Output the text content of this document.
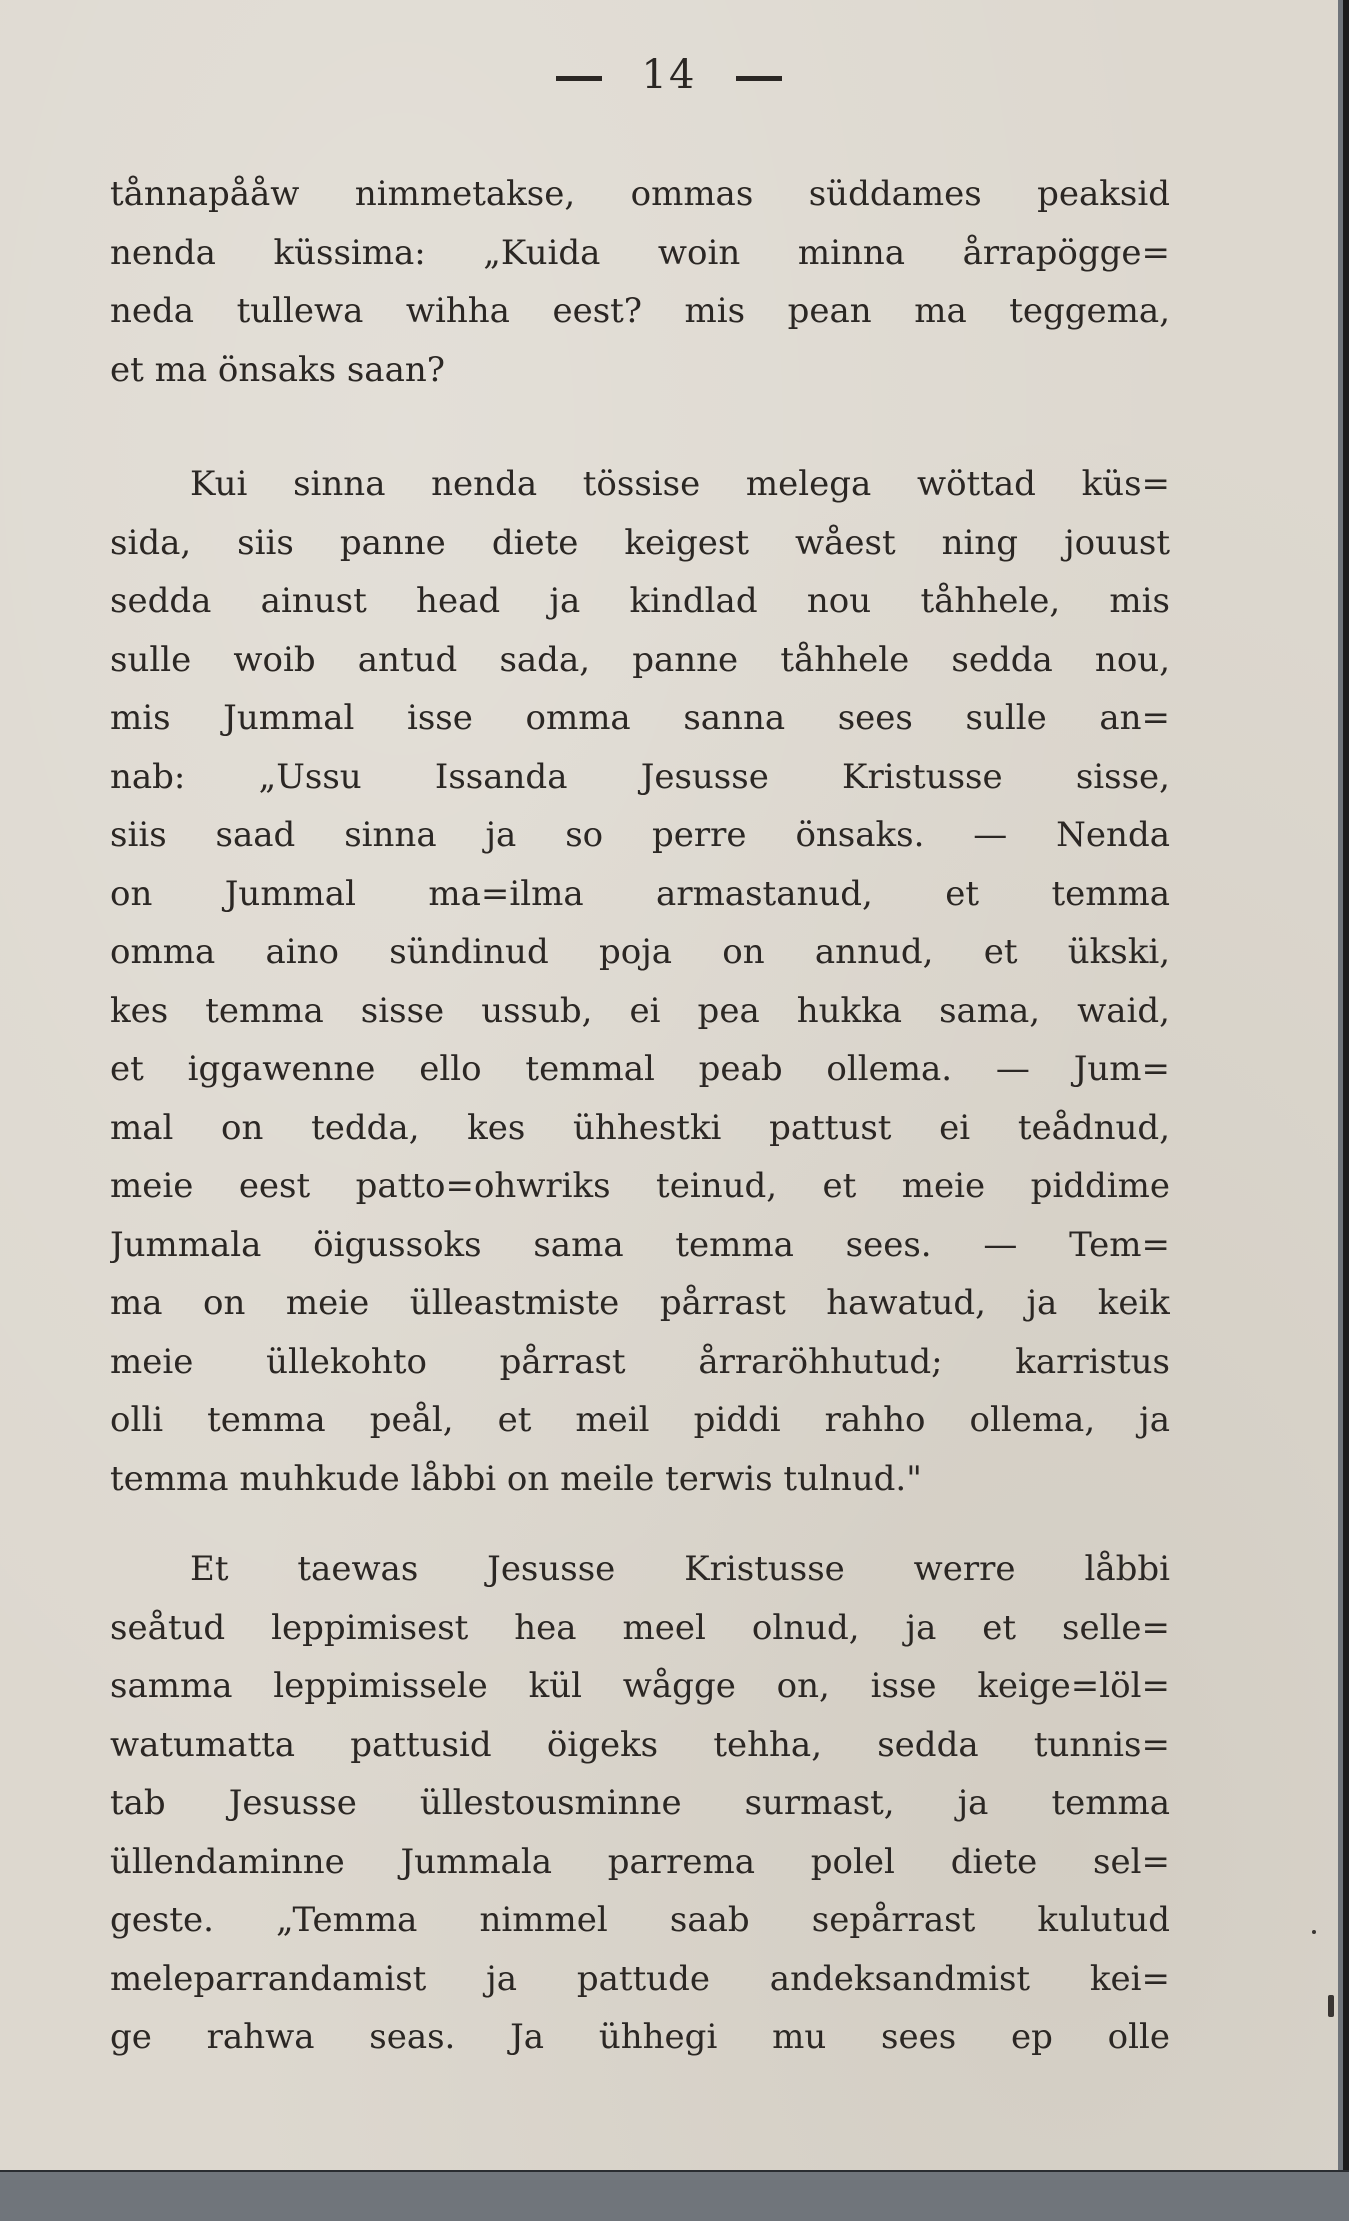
14
tånnapååw nimmetakse, ommas süddames peaksid
nenda küssima: „Kuida woin minna årrapögge=
neda tullewa wihha eest? mis pean ma teggema,
et ma önsaks saan?
Kui sinna nenda tössise melega wöttad küs=
sida, siis panne diete keigest wåest ning jouust
sedda ainust head ja kindlad nou tåhhele, mis
sulle woib antud sada, panne tåhhele sedda nou,
mis Jummal isse omma sanna sees sulle an=
nab: „Ussu Issanda Jesusse Kristusse sisse,
siis saad sinna ja so perre önsaks. — Nenda
on Jummal ma=ilma armastanud, et temma
omma aino sündinud poja on annud, et ükski,
kes temma sisse ussub, ei pea hukka sama, waid,
et iggawenne ello temmal peab ollema. — Jum=
mal on tedda, kes ühhestki pattust ei teådnud,
meie eest patto=ohwriks teinud, et meie piddime
Jummala öigussoks sama temma sees. — Tem=
ma on meie ülleastmiste pårrast hawatud, ja keik
meie üllekohto pårrast årraröhhutud; karristus
olli temma peål, et meil piddi rahho ollema, ja
temma muhkude låbbi on meile terwis tulnud."
Et taewas Jesusse Kristusse werre låbbi
seåtud leppimisest hea meel olnud, ja et selle=
samma leppimissele kül wågge on, isse keige=löl=
watumatta pattusid öigeks tehha, sedda tunnis=
tab Jesusse üllestousminne surmast, ja temma
üllendaminne Jummala parrema polel diete sel=
geste. „Temma nimmel saab sepårrast kulutud
meleparrandamist ja pattude andeksandmist kei=
ge rahwa seas. Ja ühhegi mu sees ep olle
